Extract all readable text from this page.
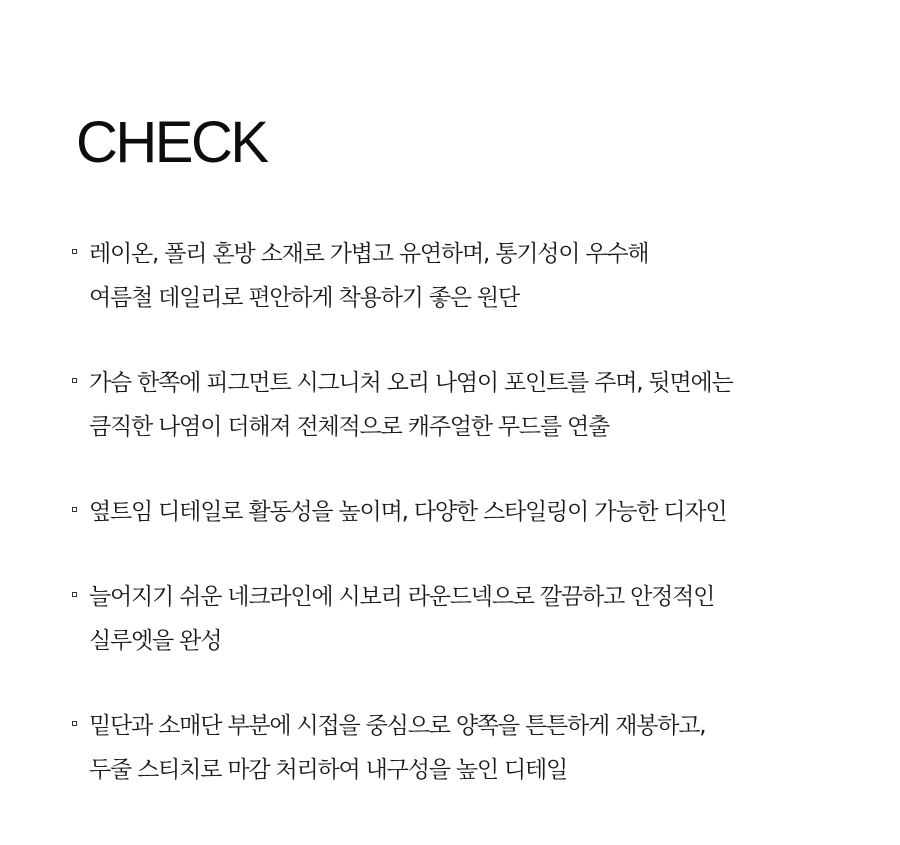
CHECK
레이온, 폴리 혼방 소재로 가볍고 유연하며, 통기성이 우수해
여름철 데일리로 편안하게 착용하기 좋은 원단
가슴 한쪽에 피그먼트 시그니처 오리 나염이 포인트를 주며, 뒷면에는
큼직한 나염이 더해져 전체적으로 캐주얼한 무드를 연출
옆트임 디테일로 활동성을 높이며, 다양한 스타일링이 가능한 디자인
늘어지기 쉬운 네크라인에 시보리 라운드넥으로 깔끔하고 안정적인
실루엣을 완성
밑단과 소매단 부분에 시접을 중심으로 양쪽을 튼튼하게 재봉하고,
두줄 스티치로 마감 처리하여 내구성을 높인 디테일
